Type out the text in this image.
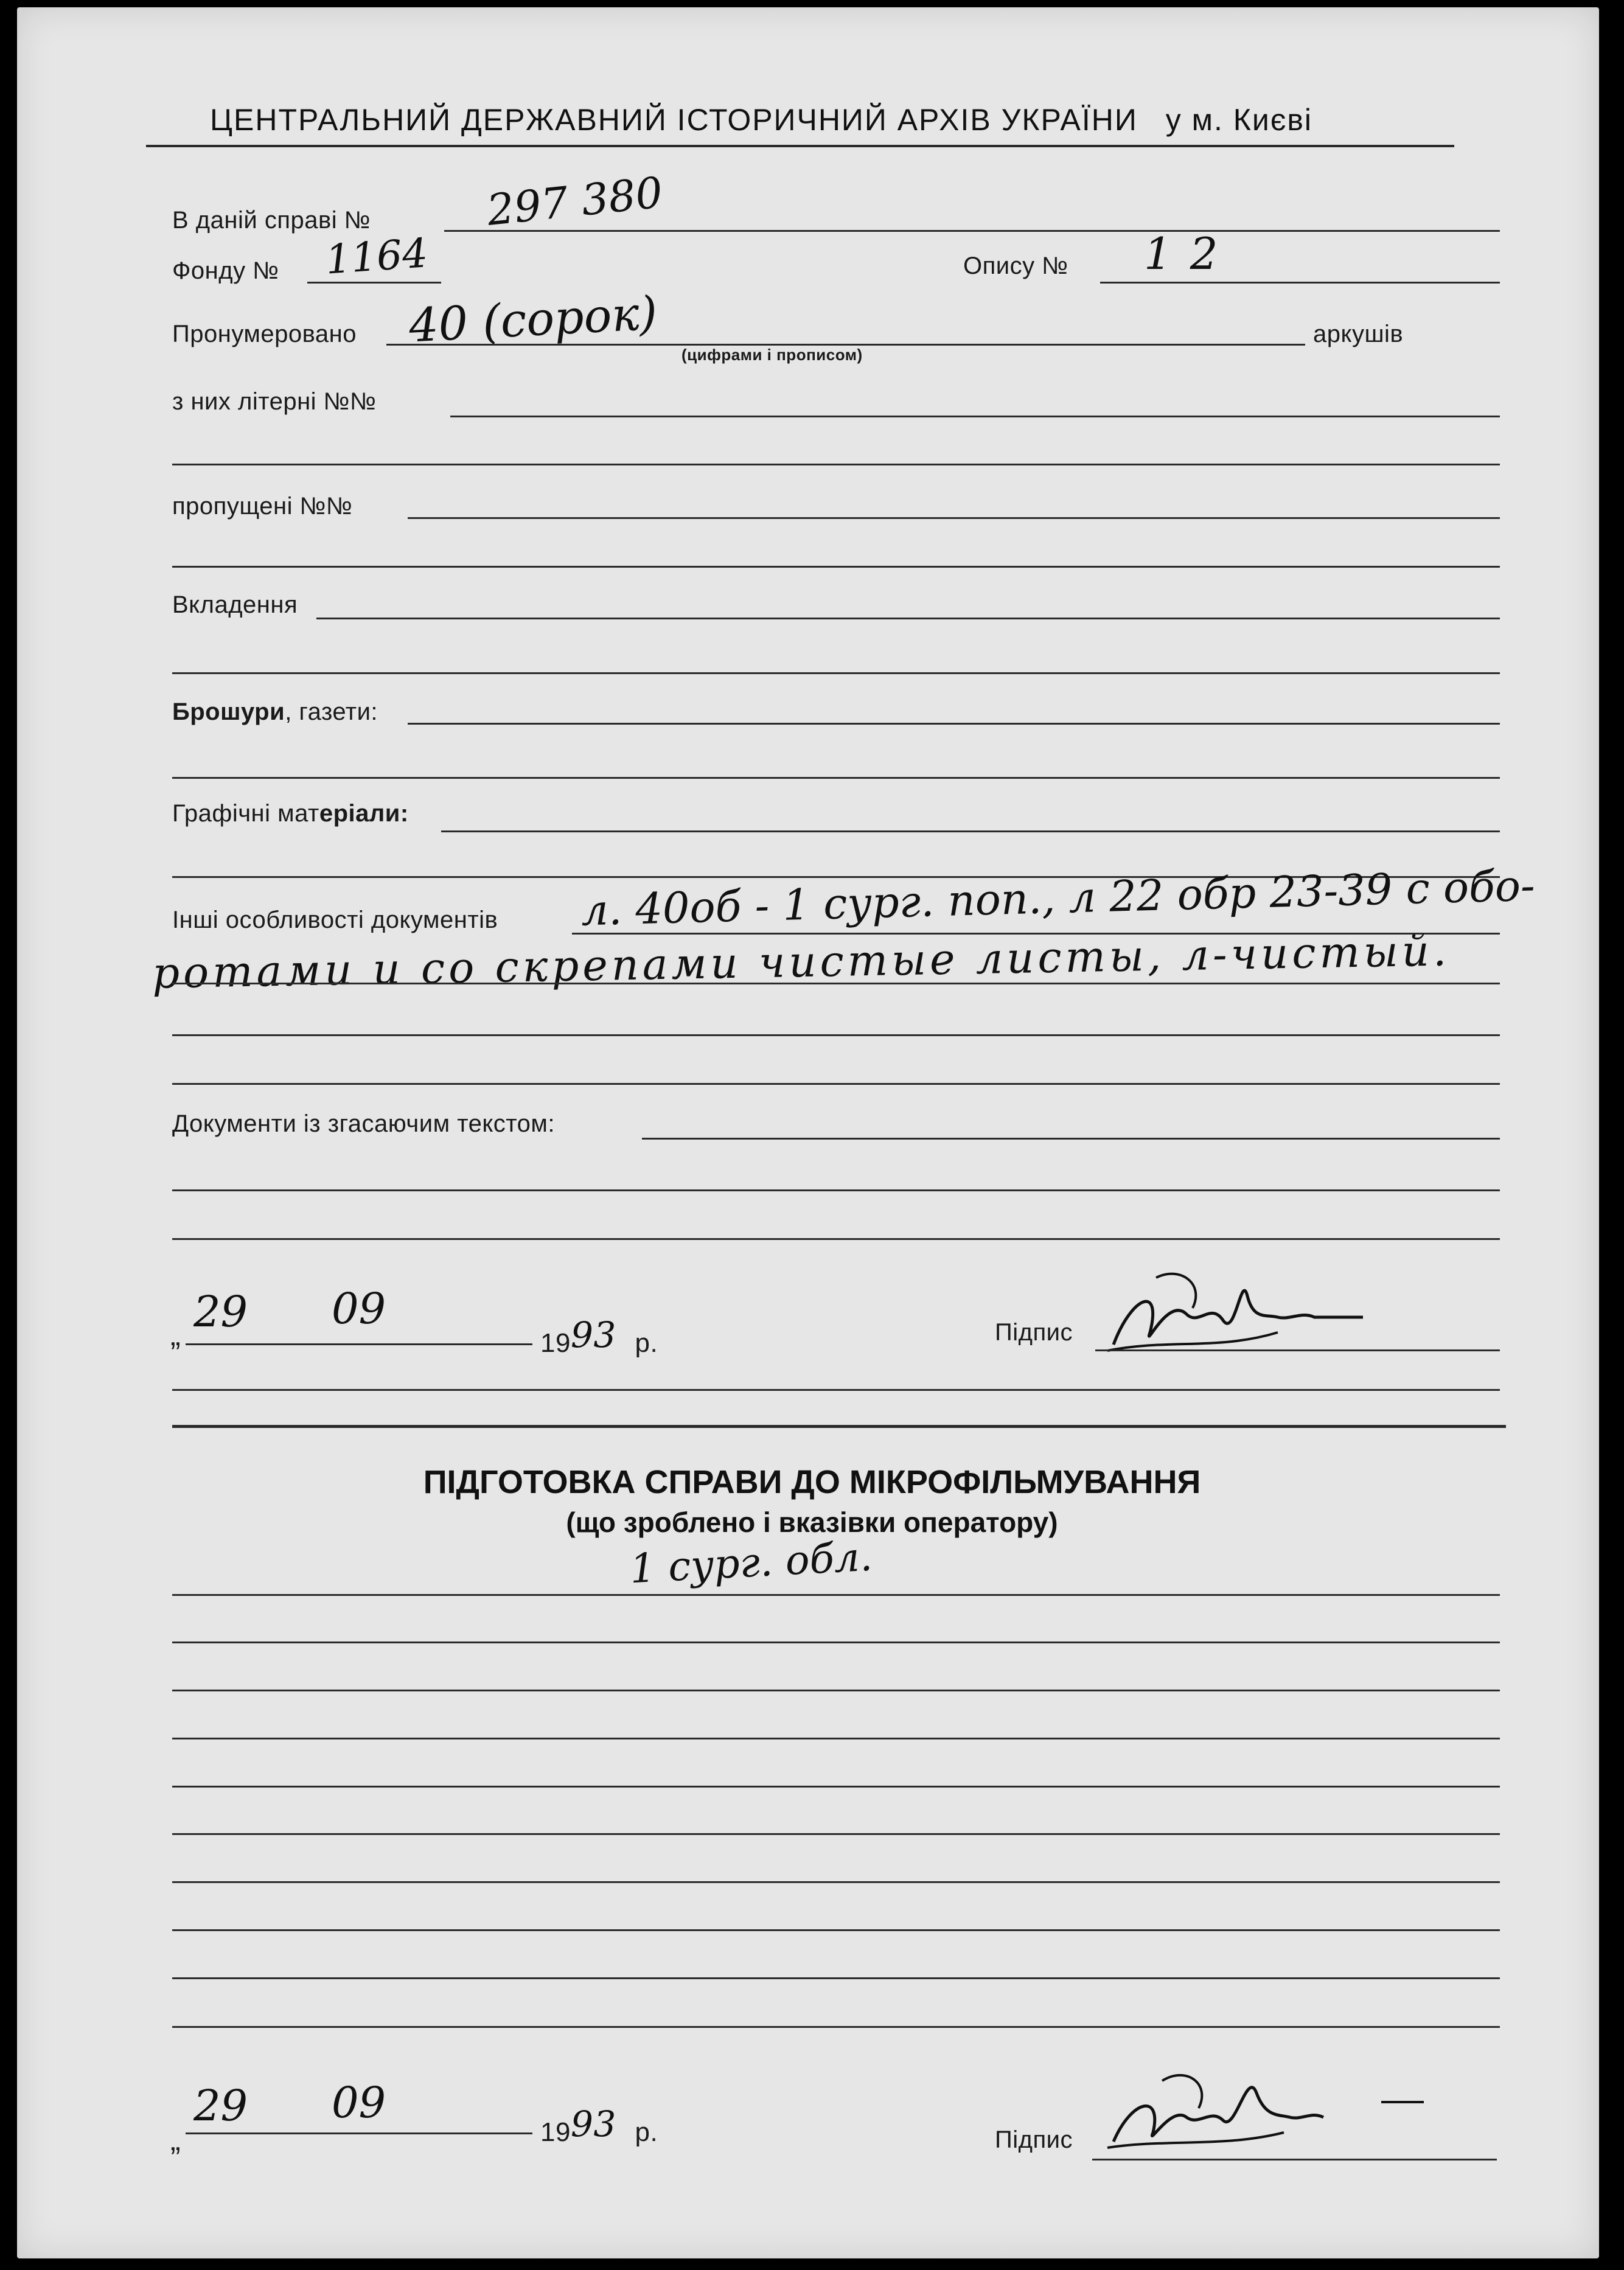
ЦЕНТРАЛЬНИЙ ДЕРЖАВНИЙ ІСТОРИЧНИЙ АРХІВ УКРАЇНИ у м. Києві
В даній справі №	297 380
Фонду № 1164	Опису № 12
Пронумеровано 40 (сорок)
(цифрами і прописом)
аркушів
з них літерні №№
пропущені №№
Вкладення
Брошури, газети:
Графічні матеріали:
Інші особливості документів л. 40об - 1 сург. поп., л 22 обр 23-39 с обо-
ротами и со скрепами чистые листы, л-чистый.
Документи із згасаючим текстом:
„ 29 09
1993 р.	Підпис
ПІДГОТОВКА СПРАВИ ДО МІКРОФІЛЬМУВАННЯ
(що зроблено і вказівки оператору)
1 сург. обл.
„
29 09
1993 р.	Підпис
